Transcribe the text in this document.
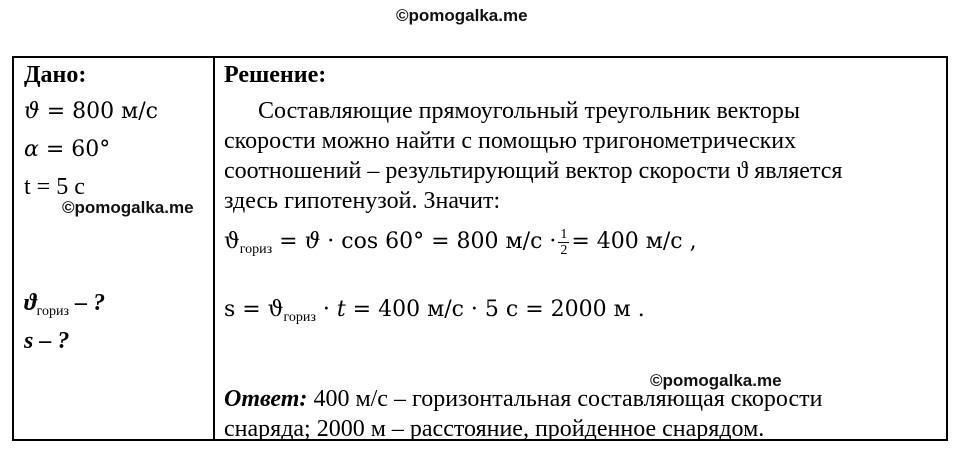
©pomogalka.me
Дано:
ϑ = 800 м/с
α = 60°
t = 5 c
$ϑ_{гориз}$ – ?
s – ?
Решение:
Составляющие прямоугольный треугольник векторы
скорости можно найти с помощью тригонометрических
соотношений – результирующий вектор скорости ϑ является
здесь гипотенузой. Значит:
$ϑ_{гориз} = ϑ \cdot \cos 60^\circ = 800$ $м/с \cdot \frac{1}{2} = 400$ м/с ,
$s = ϑ_{гориз} \cdot t = 400$ м/с · 5 с = 2000 м .
Ответ: 400 м/с – горизонтальная составляющая скорости
снаряда; 2000 м – расстояние, пройденное снарядом.
©pomogalka.me
©pomogalka.me
